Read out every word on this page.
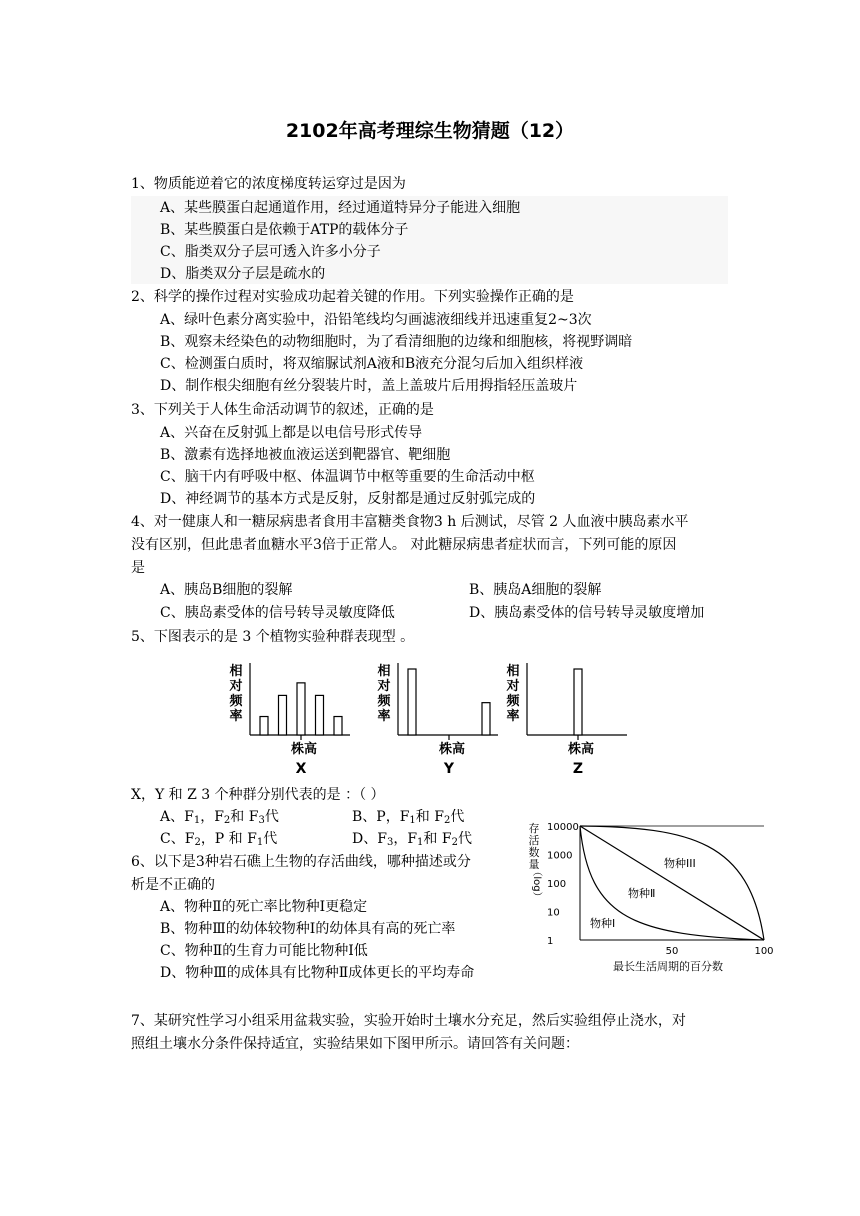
2102年高考理综生物猜题（12）
1、物质能逆着它的浓度梯度转运穿过是因为
A、某些膜蛋白起通道作用，经过通道特异分子能进入细胞
B、某些膜蛋白是依赖于ATP的载体分子
C、脂类双分子层可透入许多小分子
D、脂类双分子层是疏水的
2、科学的操作过程对实验成功起着关键的作用。下列实验操作正确的是
A、绿叶色素分离实验中，沿铅笔线均匀画滤液细线并迅速重复2~3次
B、观察未经染色的动物细胞时，为了看清细胞的边缘和细胞核，将视野调暗
C、检测蛋白质时，将双缩脲试剂A液和B液充分混匀后加入组织样液
D、制作根尖细胞有丝分裂装片时，盖上盖玻片后用拇指轻压盖玻片
3、下列关于人体生命活动调节的叙述，正确的是
A、兴奋在反射弧上都是以电信号形式传导
B、激素有选择地被血液运送到靶器官、靶细胞
C、脑干内有呼吸中枢、体温调节中枢等重要的生命活动中枢
D、神经调节的基本方式是反射，反射都是通过反射弧完成的
4、对一健康人和一糖尿病患者食用丰富糖类食物3 h 后测试，尽管 2 人血液中胰岛素水平
没有区别，但此患者血糖水平3倍于正常人。 对此糖尿病患者症状而言，下列可能的原因
是
A、胰岛B细胞的裂解	B、胰岛A细胞的裂解
C、胰岛素受体的信号转导灵敏度降低	D、胰岛素受体的信号转导灵敏度增加
5、下图表示的是 3 个植物实验种群表现型 。
相对频率
株高
X
相对频率
株高
Y
相对频率
株高
Z
X，Y 和 Z 3 个种群分别代表的是 ：（ ）
A、$F_1$，$F_2$和 $F_3$代	B、P，$F_1$和 $F_2$代
C、$F_2$，P 和 $F_1$代	D、$F_3$，$F_1$和 $F_2$代
6、以下是3种岩石礁上生物的存活曲线，哪种描述或分
析是不正确的
A、物种Ⅱ的死亡率比物种Ⅰ更稳定
B、物种Ⅲ的幼体较物种Ⅰ的幼体具有高的死亡率
C、物种Ⅱ的生育力可能比物种Ⅰ低
D、物种Ⅲ的成体具有比物种Ⅱ成体更长的平均寿命
10000
1000
100
10
1
50	100
存活数量
（log）
物种III
物种Ⅱ
物种Ⅰ
最长生活周期的百分数
7、某研究性学习小组采用盆栽实验，实验开始时土壤水分充足，然后实验组停止浇水，对
照组土壤水分条件保持适宜，实验结果如下图甲所示。请回答有关问题：
